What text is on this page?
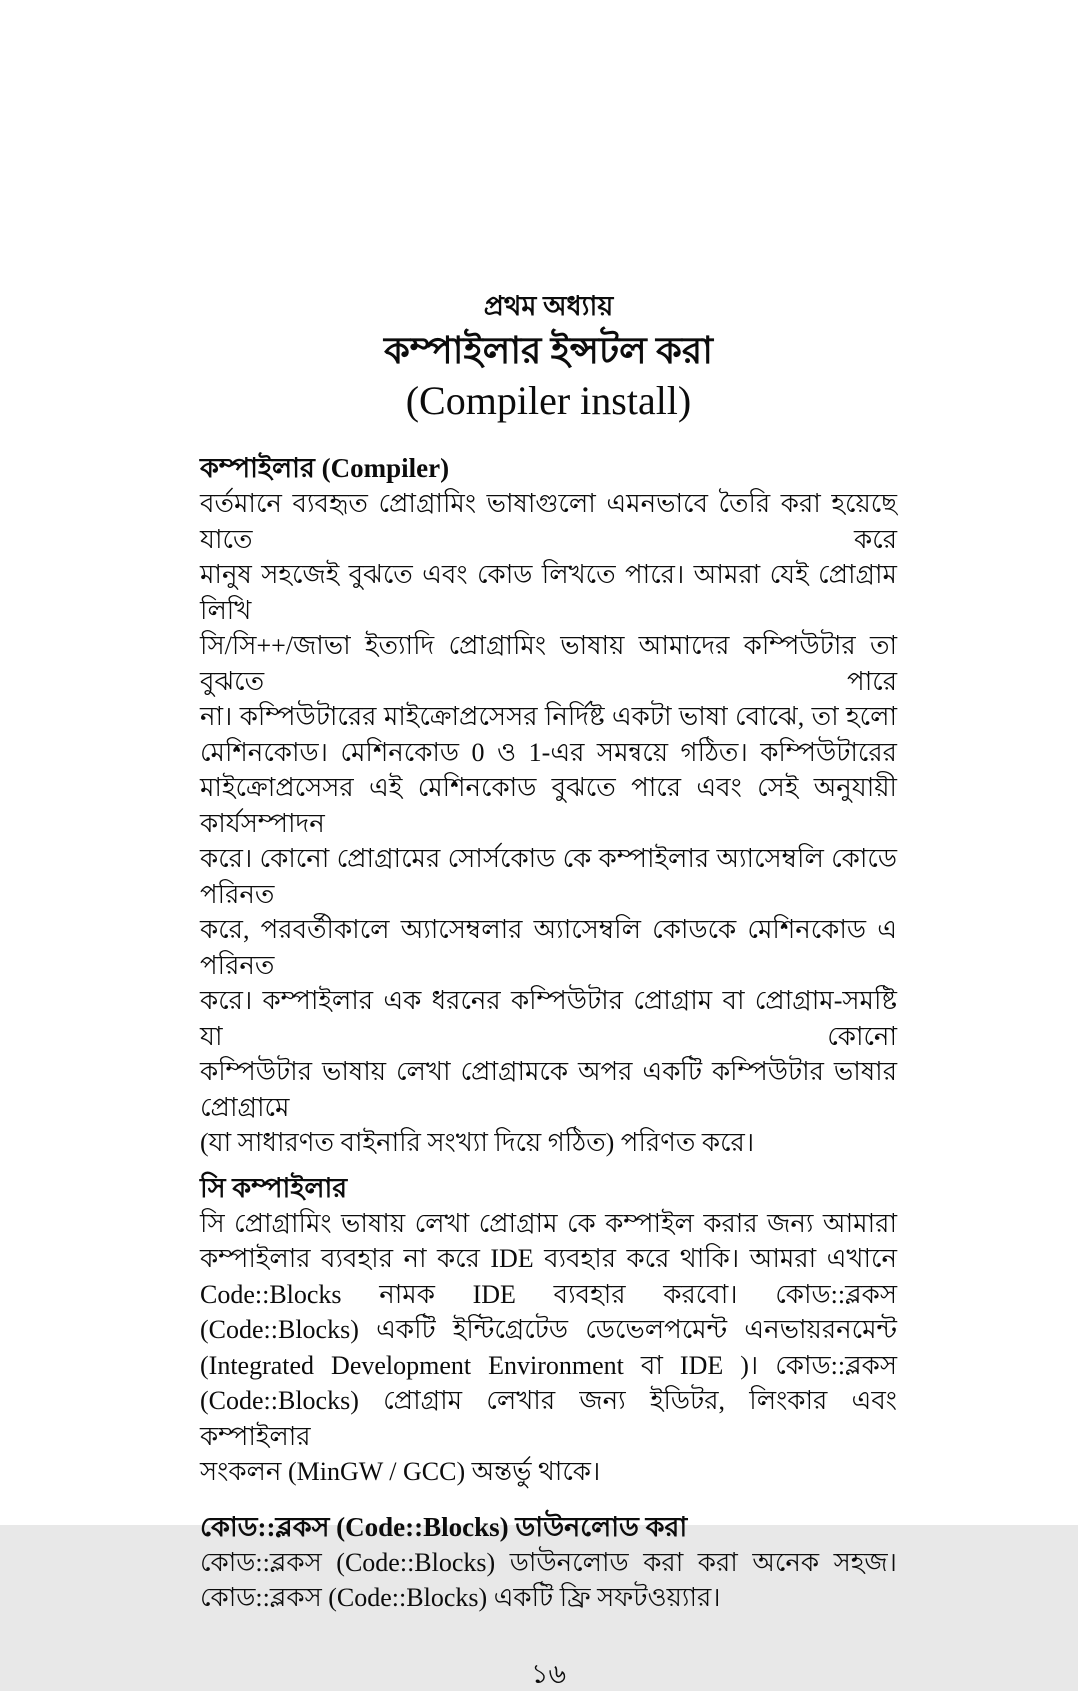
প্রথম অধ্যায়
কম্পাইলার ইন্সটল করা
(Compiler install)
কম্পাইলার (Compiler)
বর্তমানে ব্যবহৃত প্রোগ্রামিং ভাষাগুলো এমনভাবে তৈরি করা হয়েছে যাতে করে
মানুষ সহজেই বুঝতে এবং কোড লিখতে পারে। আমরা যেই প্রোগ্রাম লিখি
সি/সি++/জাভা ইত্যাদি প্রোগ্রামিং ভাষায় আমাদের কম্পিউটার তা বুঝতে পারে
না। কম্পিউটারের মাইক্রোপ্রসেসর নির্দিষ্ট একটা ভাষা বোঝে, তা হলো
মেশিনকোড। মেশিনকোড 0 ও 1-এর সমন্বয়ে গঠিত। কম্পিউটারের
মাইক্রোপ্রসেসর এই মেশিনকোড বুঝতে পারে এবং সেই অনুযায়ী কার্যসম্পাদন
করে। কোনো প্রোগ্রামের সোর্সকোড কে কম্পাইলার অ্যাসেম্বলি কোডে পরিনত
করে, পরবর্তীকালে অ্যাসেম্বলার অ্যাসেম্বলি কোডকে মেশিনকোড এ পরিনত
করে। কম্পাইলার এক ধরনের কম্পিউটার প্রোগ্রাম বা প্রোগ্রাম-সমষ্টি যা কোনো
কম্পিউটার ভাষায় লেখা প্রোগ্রামকে অপর একটি কম্পিউটার ভাষার প্রোগ্রামে
(যা সাধারণত বাইনারি সংখ্যা দিয়ে গঠিত) পরিণত করে।
সি কম্পাইলার
সি প্রোগ্রামিং ভাষায় লেখা প্রোগ্রাম কে কম্পাইল করার জন্য আমারা
কম্পাইলার ব্যবহার না করে IDE ব্যবহার করে থাকি। আমরা এখানে
Code::Blocks নামক IDE ব্যবহার করবো। কোড::ব্লকস
(Code::Blocks) একটি ইন্টিগ্রেটেড ডেভেলপমেন্ট এনভায়রনমেন্ট
(Integrated Development Environment বা IDE )। কোড::ব্লকস
(Code::Blocks) প্রোগ্রাম লেখার জন্য ইডিটর, লিংকার এবং কম্পাইলার
সংকলন (MinGW / GCC) অন্তর্ভু থাকে।
কোড::ব্লকস (Code::Blocks) ডাউনলোড করা
কোড::ব্লকস (Code::Blocks) ডাউনলোড করা করা অনেক সহজ।
কোড::ব্লকস (Code::Blocks) একটি ফ্রি সফটওয়্যার।
১৬
